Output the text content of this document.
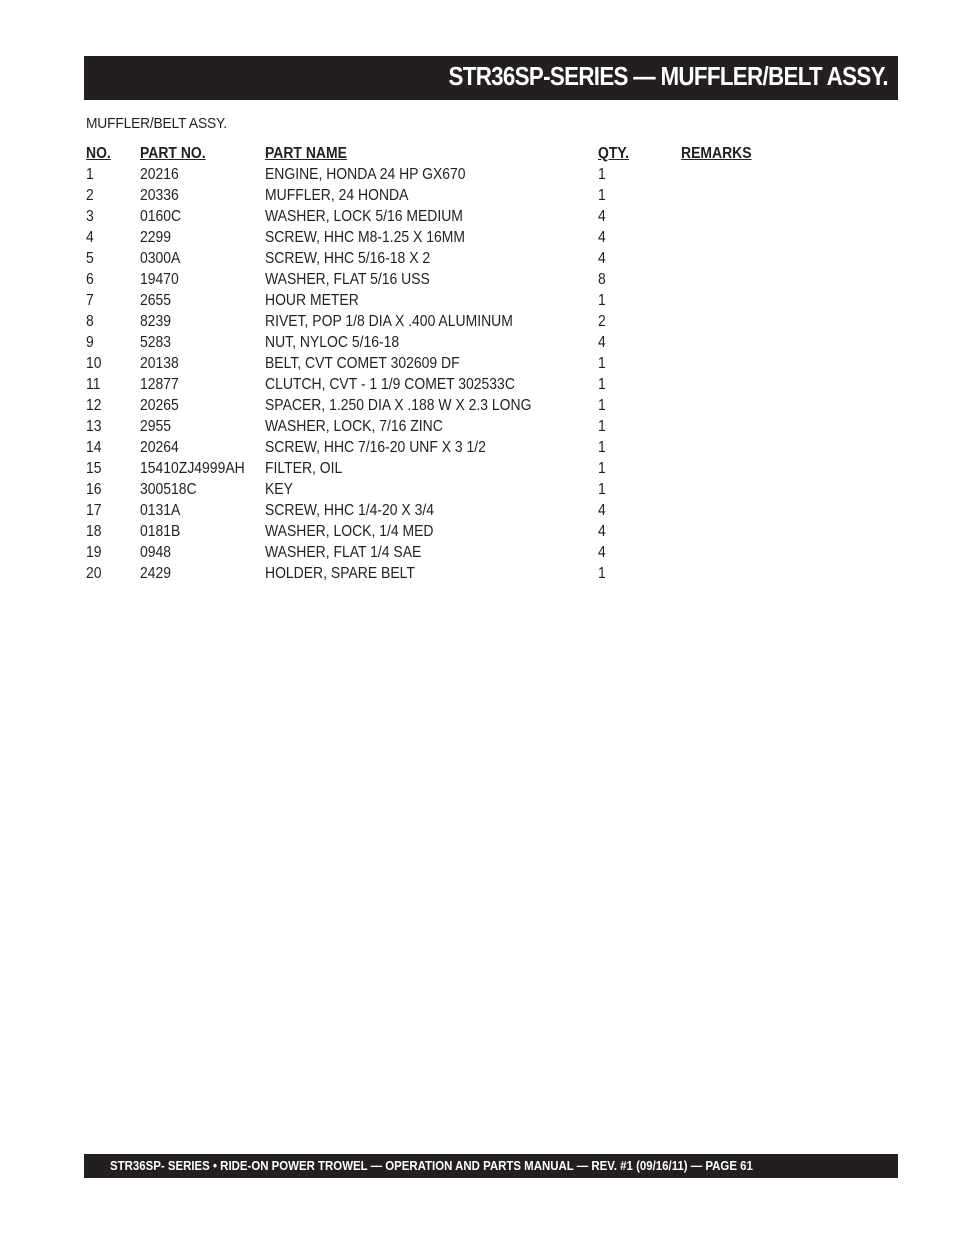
STR36SP-SERIES — MUFFLER/BELT ASSY.
MUFFLER/BELT ASSY.
NO. PART NO.	PART NAME	QTY.	REMARKS
1	20216	ENGINE, HONDA 24 HP GX670	1
2	20336	MUFFLER, 24 HONDA	1
3	0160C	WASHER, LOCK 5/16 MEDIUM	4
4	2299	SCREW, HHC M8-1.25 X 16MM	4
5	0300A	SCREW, HHC 5/16-18 X 2	4
6	19470	WASHER, FLAT 5/16 USS	8
7	2655	HOUR METER	1
8	8239	RIVET, POP 1/8 DIA X .400 ALUMINUM	2
9	5283	NUT, NYLOC 5/16-18	4
10 20138	BELT, CVT COMET 302609 DF	1
11	12877	CLUTCH, CVT - 1 1/9 COMET 302533C	1
12 20265	SPACER, 1.250 DIA X .188 W X 2.3 LONG	1
13 2955	WASHER, LOCK, 7/16 ZINC	1
14 20264	SCREW, HHC 7/16-20 UNF X 3 1/2	1
15 15410ZJ4999AH FILTER, OIL	1
16 300518C	KEY	1
17 0131A	SCREW, HHC 1/4-20 X 3/4	4
18 0181B	WASHER, LOCK, 1/4 MED	4
19 0948	WASHER, FLAT 1/4 SAE	4
20 2429	HOLDER, SPARE BELT	1
STR36SP- SERIES • RIDE-ON POWER TROWEL — OPERATION AND PARTS MANUAL — REV. #1 (09/16/11) — PAGE 61
